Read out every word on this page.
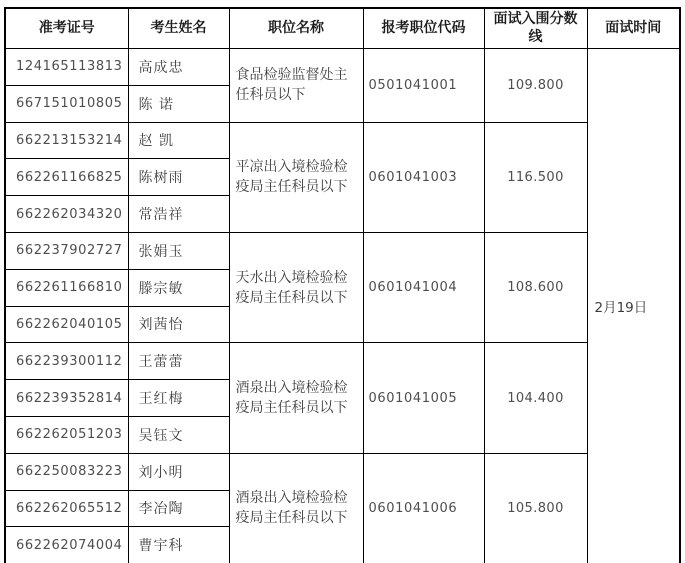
准考证号	考生姓名	职位名称	报考职位代码	面试入围分数线	面试时间
124165113813	高成忠	食品检验监督处主任科员以下	0501041001	109.800	2月19日
667151010805	陈 诺				
662213153214	赵 凯	平凉出入境检验检疫局主任科员以下	0601041003	116.500	
662261166825	陈树雨				
662262034320	常浩祥				
662237902727	张娟玉	天水出入境检验检疫局主任科员以下	0601041004	108.600	
662261166810	滕宗敏				
662262040105	刘茜怡				
662239300112	王蕾蕾	酒泉出入境检验检疫局主任科员以下	0601041005	104.400	
662239352814	王红梅				
662262051203	吴钰文				
662250083223	刘小明	酒泉出入境检验检疫局主任科员以下	0601041006	105.800	
662262065512	李冶陶				
662262074004	曹宇科				
